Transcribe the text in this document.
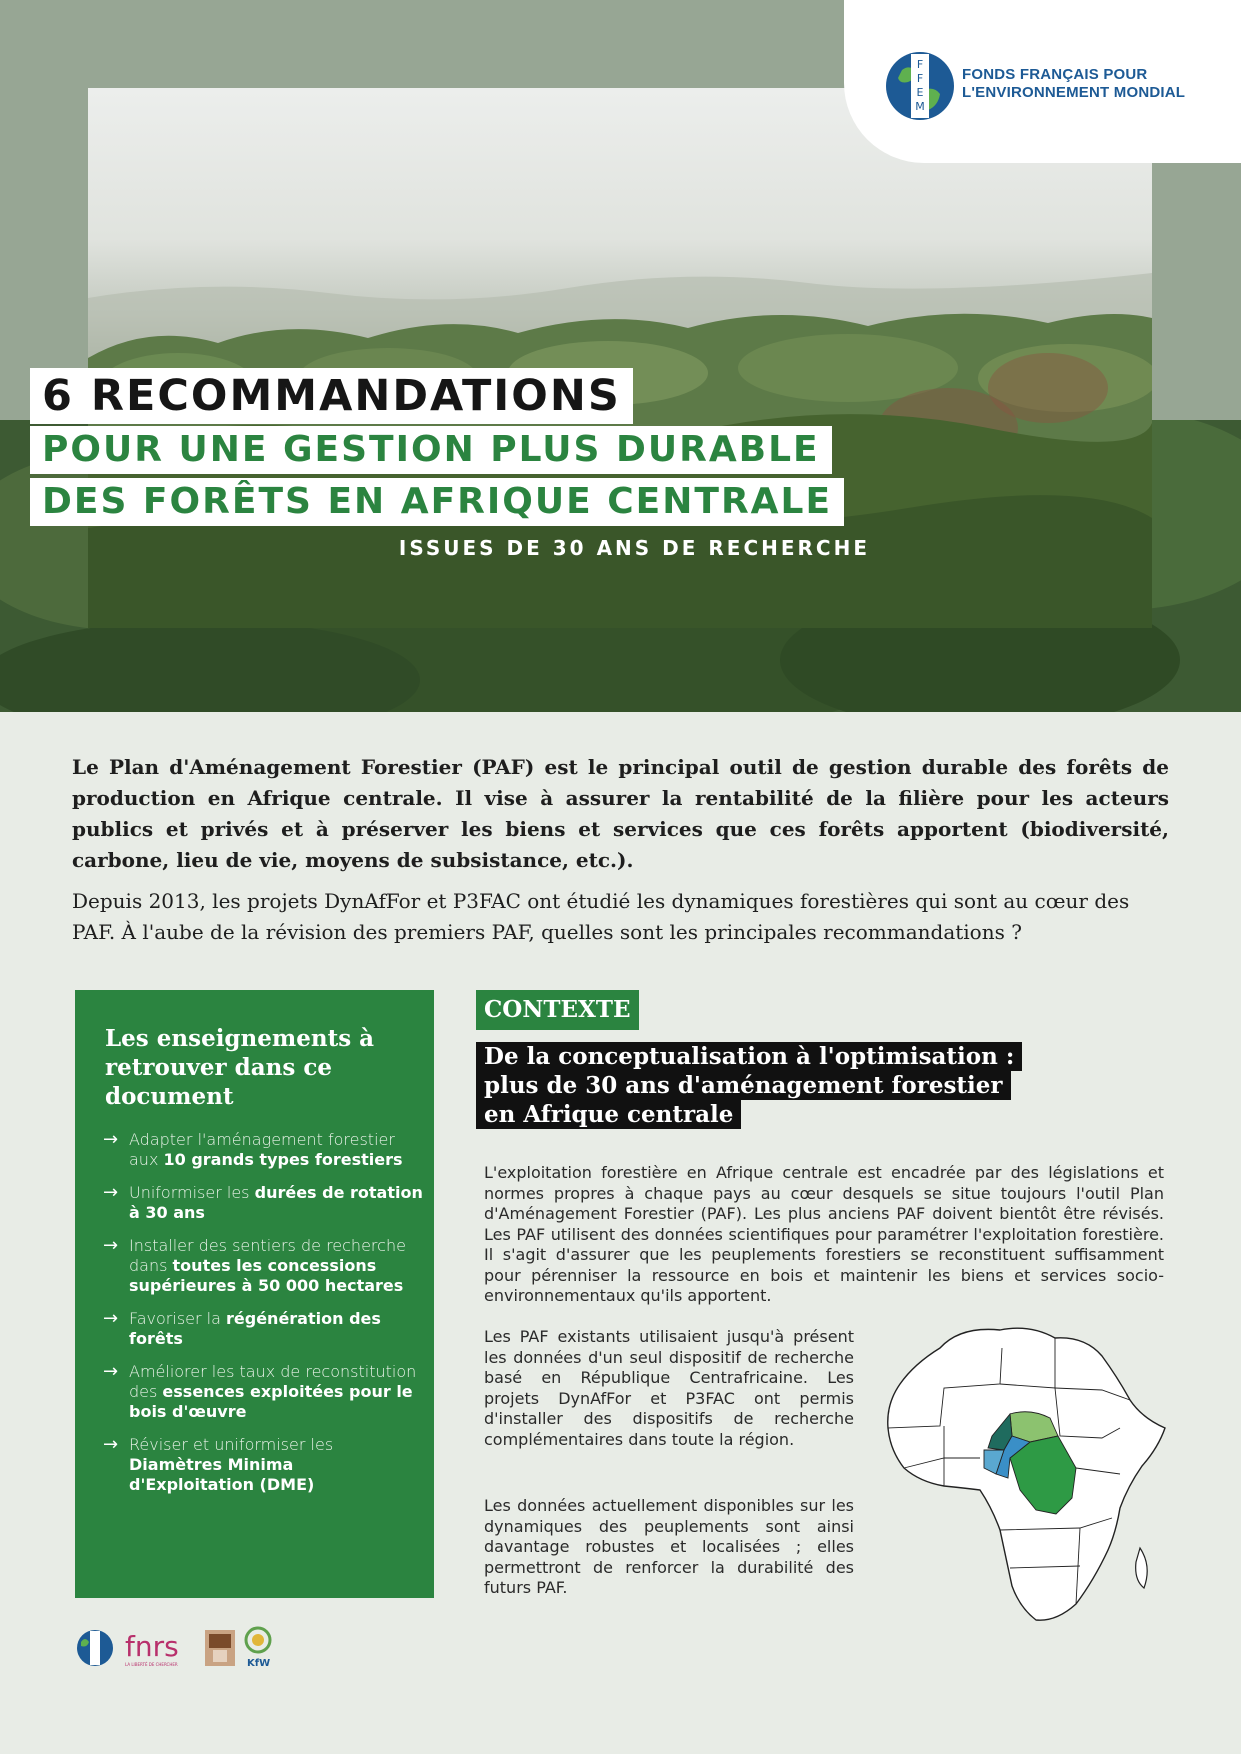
F
F
E
M
FONDS FRANÇAIS POUR
L'ENVIRONNEMENT MONDIAL
6 RECOMMANDATIONS
POUR UNE GESTION PLUS DURABLE
DES FORÊTS EN AFRIQUE CENTRALE
ISSUES DE 30 ANS DE RECHERCHE

Le Plan d'Aménagement Forestier (PAF) est le principal outil de gestion durable des forêts de production en Afrique centrale. Il vise à assurer la rentabilité de la filière pour les acteurs publics et privés et à préserver les biens et services que ces forêts apportent (biodiversité, carbone, lieu de vie, moyens de subsistance, etc.).

Depuis 2013, les projets DynAfFor et P3FAC ont étudié les dynamiques forestières qui sont au cœur des PAF. À l'aube de la révision des premiers PAF, quelles sont les principales recommandations ?

Les enseignements à retrouver dans ce document
→ Adapter l'aménagement forestier aux 10 grands types forestiers
→ Uniformiser les durées de rotation à 30 ans
→ Installer des sentiers de recherche dans toutes les concessions supérieures à 50 000 hectares
→ Favoriser la régénération des forêts
→ Améliorer les taux de reconstitution des essences exploitées pour le bois d'œuvre
→ Réviser et uniformiser les Diamètres Minima d'Exploitation (DME)
fnrs
LA LIBERTÉ DE CHERCHER	KfW
CONTEXTE
De la conceptualisation à l'optimisation :
plus de 30 ans d'aménagement forestier
en Afrique centrale

L'exploitation forestière en Afrique centrale est encadrée par des législations et normes propres à chaque pays au cœur desquels se situe toujours l'outil Plan d'Aménagement Forestier (PAF). Les plus anciens PAF doivent bientôt être révisés. Les PAF utilisent des données scientifiques pour paramétrer l'exploitation forestière. Il s'agit d'assurer que les peuplements forestiers se reconstituent suffisamment pour pérenniser la ressource en bois et maintenir les biens et services socio-environnementaux qu'ils apportent.

Les PAF existants utilisaient jusqu'à présent les données d'un seul dispositif de recherche basé en République Centrafricaine. Les projets DynAfFor et P3FAC ont permis d'installer des dispositifs de recherche complémentaires dans toute la région.

Les données actuellement disponibles sur les dynamiques des peuplements sont ainsi davantage robustes et localisées ; elles permettront de renforcer la durabilité des futurs PAF.
